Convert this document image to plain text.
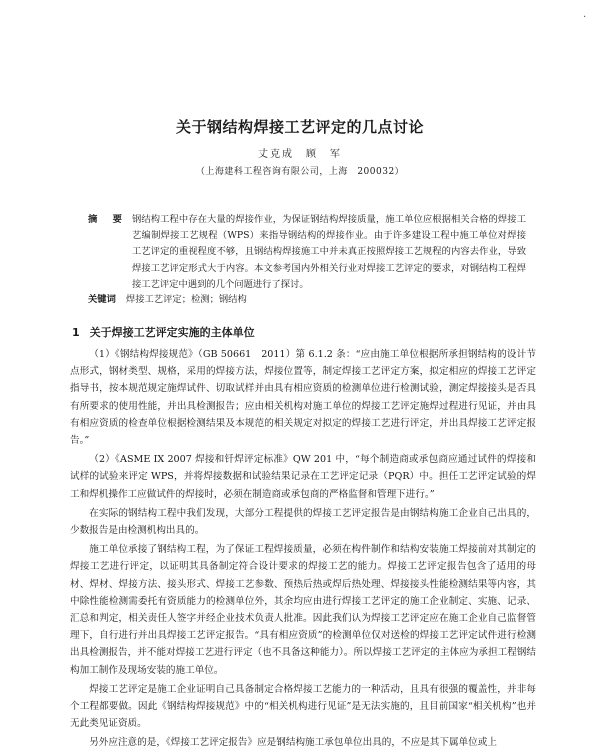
·
关于钢结构焊接工艺评定的几点讨论
丈克成　顾　军
（上海建科工程咨询有限公司，上海　200032）
摘　要 钢结构工程中存在大量的焊接作业，为保证钢结构焊接质量，施工单位应根据相关合格的焊接工艺编制焊接工艺规程（WPS）来指导钢结构的焊接作业。由于许多建设工程中施工单位对焊接工艺评定的重视程度不够，且钢结构焊接施工中并未真正按照焊接工艺规程的内容去作业，导致焊接工艺评定形式大于内容。本文参考国内外相关行业对焊接工艺评定的要求，对钢结构工程焊接工艺评定中遇到的几个问题进行了探讨。
关键词 焊接工艺评定；检测；钢结构
1 关于焊接工艺评定实施的主体单位

（1）《钢结构焊接规范》（GB 50661　2011）第 6.1.2 条：“应由施工单位根据所承担钢结构的设计节点形式，钢材类型、规格，采用的焊接方法，焊接位置等，制定焊接工艺评定方案，拟定相应的焊接工艺评定指导书，按本规范规定施焊试件、切取试样并由具有相应资质的检测单位进行检测试验，测定焊接接头是否具有所要求的使用性能，并出具检测报告；应由相关机构对施工单位的焊接工艺评定施焊过程进行见证，并由具有相应资质的检查单位根据检测结果及本规范的相关规定对拟定的焊接工艺进行评定，并出具焊接工艺评定报告。”

（2）《ASME IX 2007 焊接和钎焊评定标准》QW 201 中，“每个制造商或承包商应通过试件的焊接和试样的试验来评定 WPS，并将焊接数据和试验结果记录在工艺评定记录（PQR）中。担任工艺评定试验的焊工和焊机操作工应做试件的焊接时，必须在制造商或承包商的严格监督和管理下进行。”

在实际的钢结构工程中我们发现，大部分工程提供的焊接工艺评定报告是由钢结构施工企业自己出具的，少数报告是由检测机构出具的。

施工单位承接了钢结构工程，为了保证工程焊接质量，必须在构件制作和结构安装施工焊接前对其制定的焊接工艺进行评定，以证明其具备制定符合设计要求的焊接工艺的能力。焊接工艺评定报告包含了适用的母材、焊材、焊接方法、接头形式、焊接工艺参数、预热后热或焊后热处理、焊接接头性能检测结果等内容，其中除性能检测需委托有资质能力的检测单位外，其余均应由进行焊接工艺评定的施工企业制定、实施、记录、汇总和判定，相关责任人签字并经企业技术负责人批准。因此我们认为焊接工艺评定应在施工企业自己监督管理下，自行进行并出具焊接工艺评定报告。“具有相应资质”的检测单位仅对送检的焊接工艺评定试件进行检测出具检测报告，并不能对焊接工艺进行评定（也不具备这种能力）。所以焊接工艺评定的主体应为承担工程钢结构加工制作及现场安装的施工单位。

焊接工艺评定是施工企业证明自己具备制定合格焊接工艺能力的一种活动，且具有很强的覆盖性，并非每个工程都要做。因此《钢结构焊接规范》中的“相关机构进行见证”是无法实施的，且目前国家“相关机构”也并无此类见证资质。

另外应注意的是，《焊接工艺评定报告》应是钢结构施工承包单位出具的，不应是其下属单位或上
